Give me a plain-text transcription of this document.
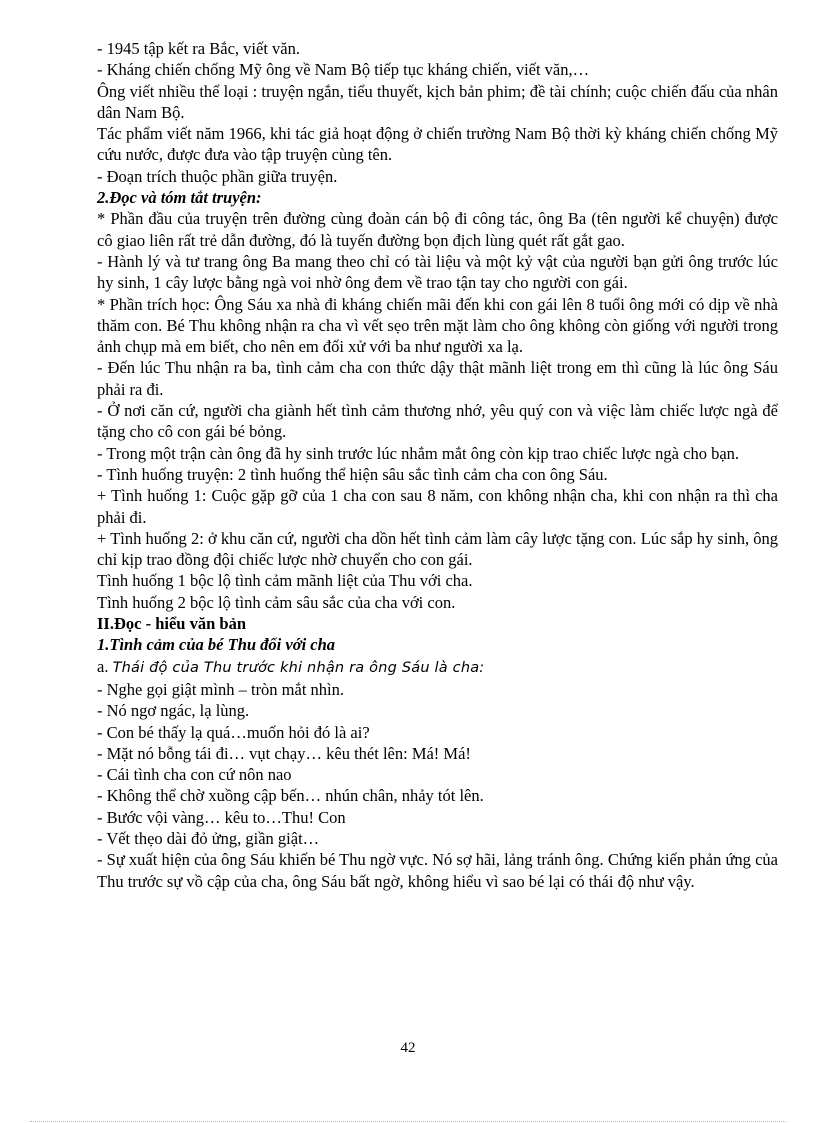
- 1945 tập kết ra Bắc, viết văn.
- Kháng chiến chống Mỹ ông về Nam Bộ tiếp tục kháng chiến, viết văn,…
Ông viết nhiều thể loại : truyện ngắn, tiểu thuyết, kịch bản phim; đề tài chính; cuộc chiến đấu của nhân dân Nam Bộ.
Tác phẩm viết năm 1966, khi tác giả hoạt động ở chiến trường Nam Bộ thời kỳ kháng chiến chống Mỹ cứu nước, được đưa vào tập truyện cùng tên.
- Đoạn trích thuộc phần giữa truyện.
2.Đọc và tóm tắt truyện:
* Phần đầu của truyện trên đường cùng đoàn cán bộ đi công tác, ông Ba (tên người kể chuyện) được cô giao liên rất trẻ dẫn đường, đó là tuyến đường bọn địch lùng quét rất gắt gao.
- Hành lý và tư trang ông Ba mang theo chỉ có tài liệu và một kỷ vật của người bạn gửi ông trước lúc hy sinh, 1 cây lược bằng ngà voi nhờ ông đem về trao tận tay cho người con gái.
* Phần trích học: Ông Sáu xa nhà đi kháng chiến mãi đến khi con gái lên 8 tuổi ông mới có dịp về nhà thăm con. Bé Thu không nhận ra cha vì vết sẹo trên mặt làm cho ông không còn giống với người trong ảnh chụp mà em biết, cho nên em đối xử với ba như người xa lạ.
- Đến lúc Thu nhận ra ba, tình cảm cha con thức dậy thật mãnh liệt trong em thì cũng là lúc ông Sáu phải ra đi.
- Ở nơi căn cứ, người cha giành hết tình cảm thương nhớ, yêu quý con và việc làm chiếc lược ngà để tặng cho cô con gái bé bỏng.
- Trong một trận càn ông đã hy sinh trước lúc nhắm mắt ông còn kịp trao chiếc lược ngà cho bạn.
- Tình huống truyện: 2 tình huống thể hiện sâu sắc tình cảm cha con ông Sáu.
+ Tình huống 1: Cuộc gặp gỡ của 1 cha con sau 8 năm, con không nhận cha, khi con nhận ra thì cha phải đi.
+ Tình huống 2: ở khu căn cứ, người cha dồn hết tình cảm làm cây lược tặng con. Lúc sắp hy sinh, ông chỉ kịp trao đồng đội chiếc lược nhờ chuyển cho con gái.
Tình huống 1 bộc lộ tình cảm mãnh liệt của Thu với cha.
Tình huống 2 bộc lộ tình cảm sâu sắc của cha với con.
II.Đọc - hiểu văn bản
1.Tình cảm của bé Thu đối với cha
a. Thái độ của Thu trước khi nhận ra ông Sáu là cha:
- Nghe gọi giật mình – tròn mắt nhìn.
- Nó ngơ ngác, lạ lùng.
- Con bé thấy lạ quá…muốn hỏi đó là ai?
- Mặt nó bỗng tái đi… vụt chạy… kêu thét lên: Má! Má!
- Cái tình cha con cứ nôn nao
- Không thể chờ xuồng cập bến… nhún chân, nhảy tót lên.
- Bước vội vàng… kêu to…Thu! Con
- Vết thẹo dài đỏ ửng, giần giật…
- Sự xuất hiện của ông Sáu khiến bé Thu ngờ vực. Nó sợ hãi, lảng tránh ông. Chứng kiến phản ứng của Thu trước sự vồ cập của cha, ông Sáu bất ngờ, không hiểu vì sao bé lại có thái độ như vậy.
42
